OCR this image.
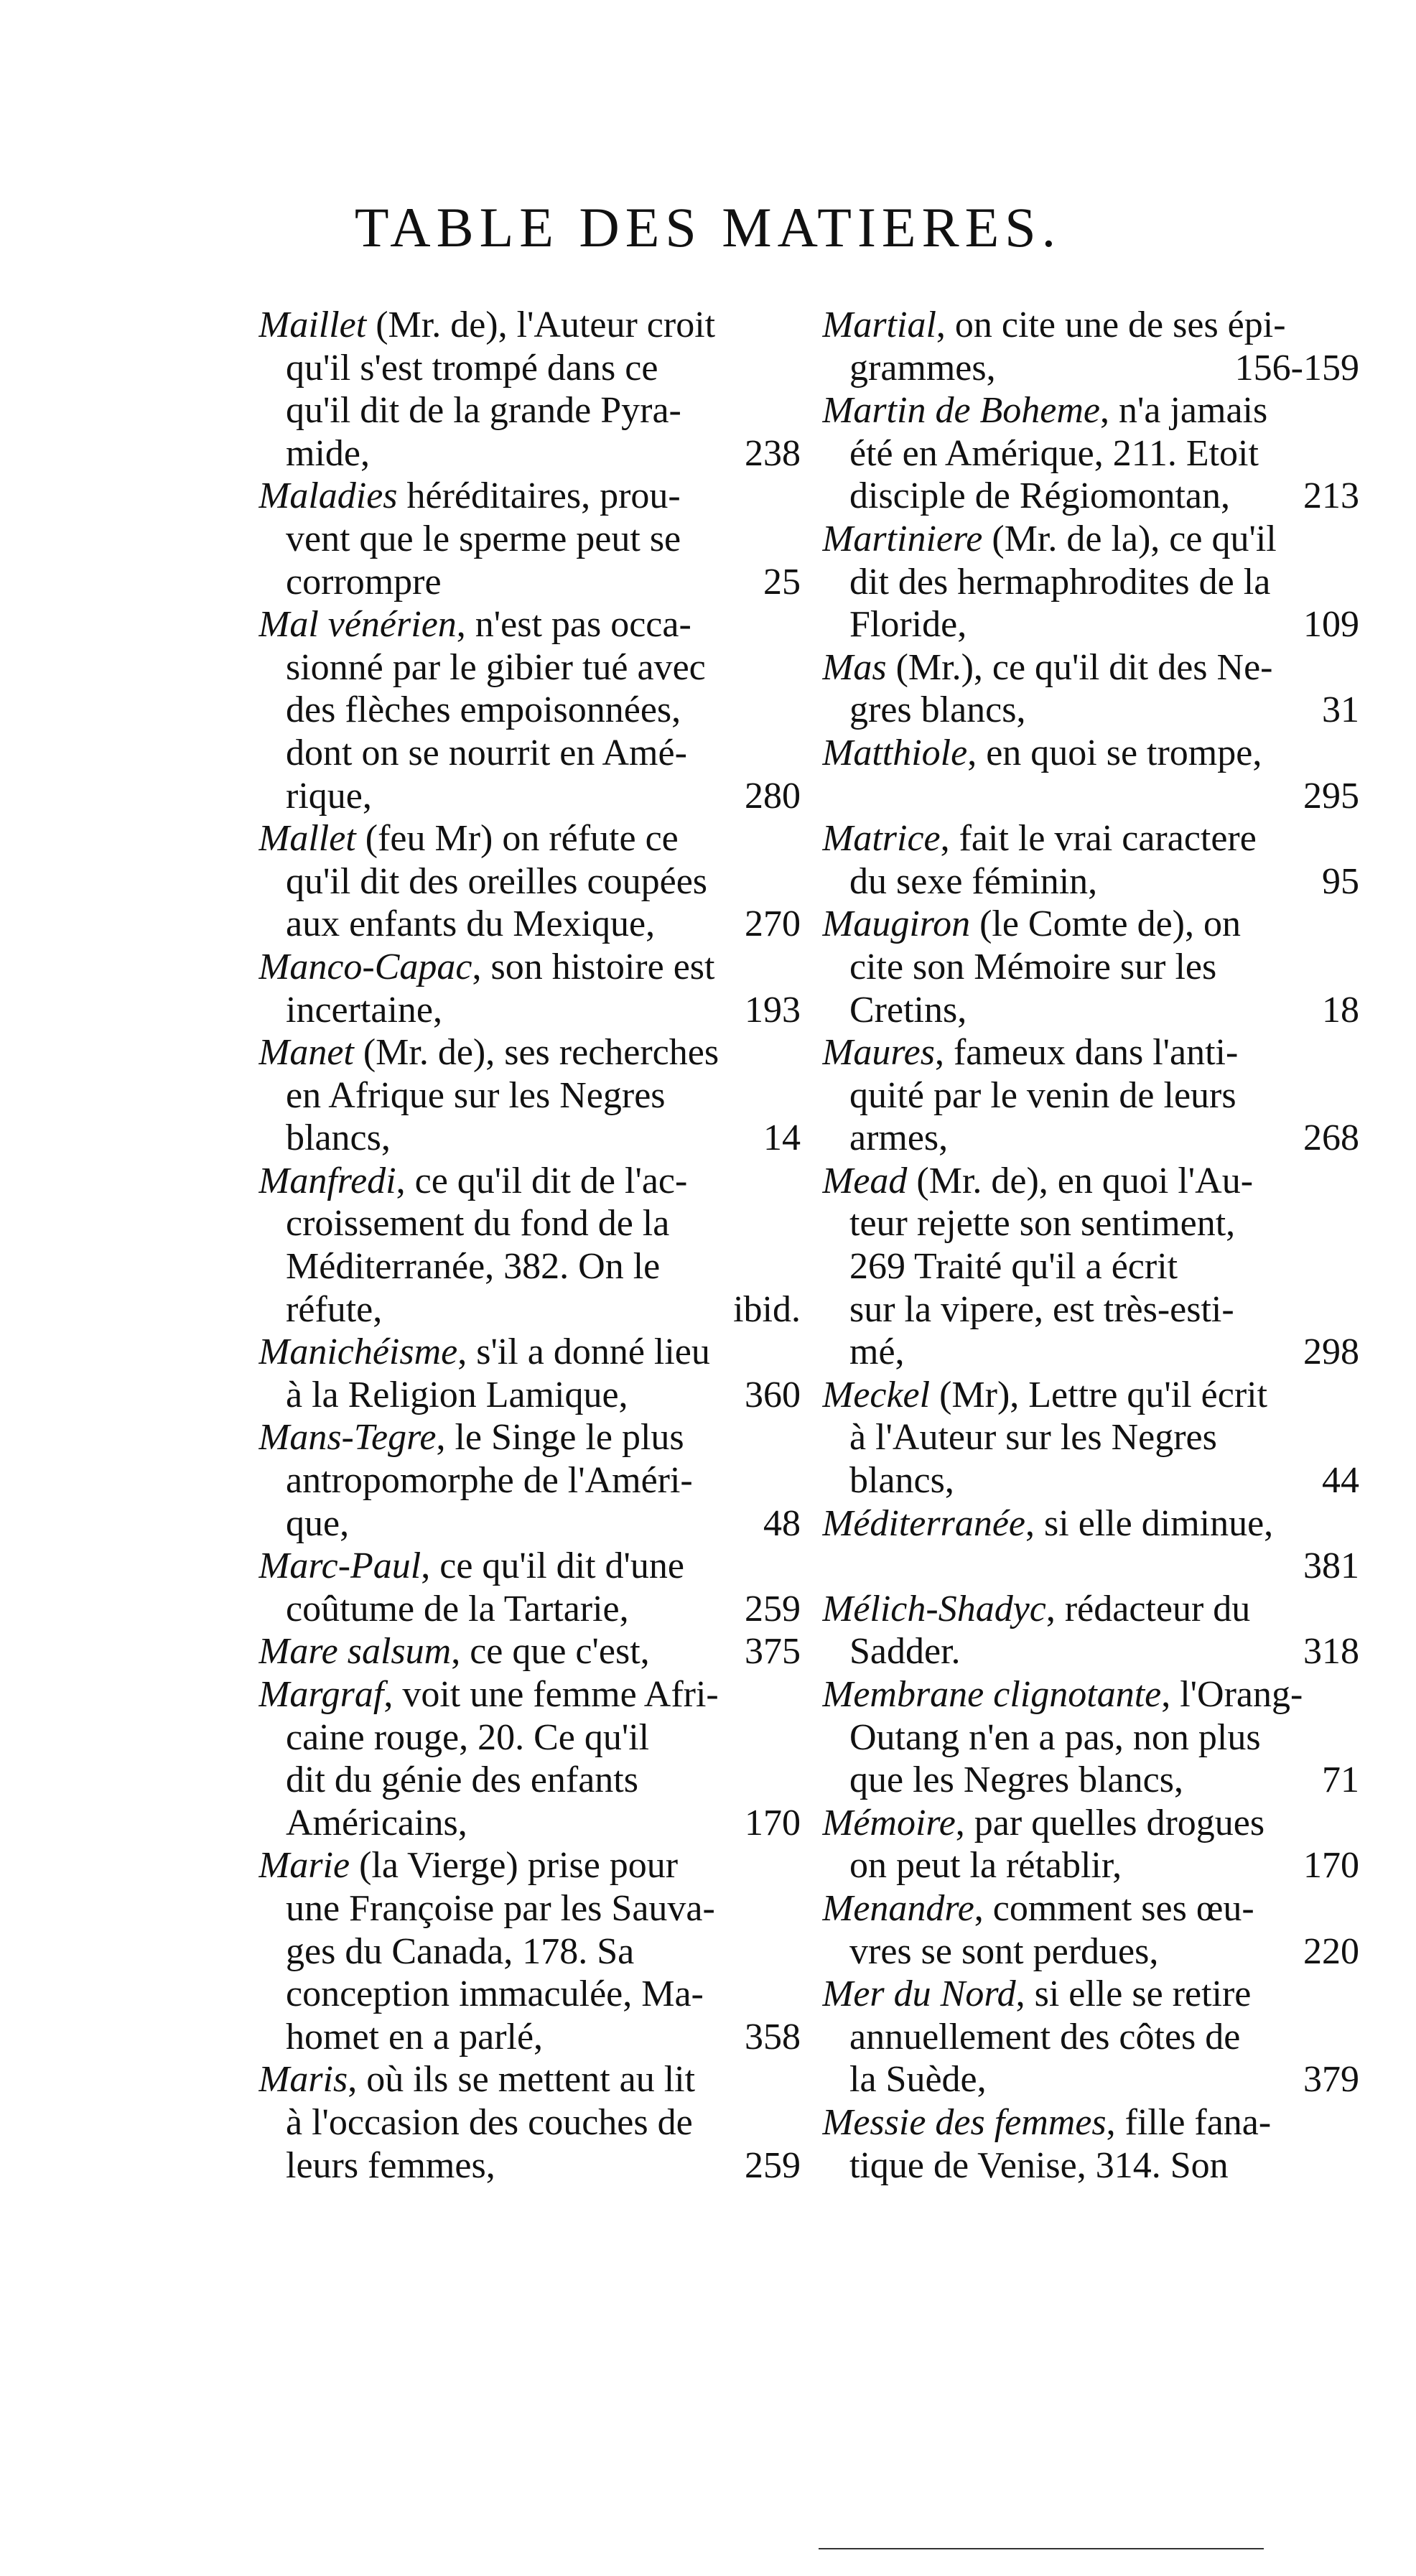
TABLE DES MATIERES.
Maillet (Mr. de), l'Auteur croit
qu'il s'est trompé dans ce
qu'il dit de la grande Pyra-
mide,	238
Maladies héréditaires, prou-
vent que le sperme peut se
corrompre	25
Mal vénérien, n'est pas occa-
sionné par le gibier tué avec
des flèches empoisonnées,
dont on se nourrit en Amé-
rique,	280
Mallet (feu Mr) on réfute ce
qu'il dit des oreilles coupées
aux enfants du Mexique, 270
Manco-Capac, son histoire est
incertaine,	193
Manet (Mr. de), ses recherches
en Afrique sur les Negres
blancs,	14
Manfredi, ce qu'il dit de l'ac-
croissement du fond de la
Méditerranée, 382. On le
réfute,	ibid.
Manichéisme, s'il a donné lieu
à la Religion Lamique,	360
Mans-Tegre, le Singe le plus
antropomorphe de l'Améri-
que,	48
Marc-Paul, ce qu'il dit d'une
coûtume de la Tartarie,	259
Mare salsum, ce que c'est,	375
Margraf, voit une femme Afri-
caine rouge, 20. Ce qu'il
dit du génie des enfants
Américains,	170
Marie (la Vierge) prise pour
une Françoise par les Sauva-
ges du Canada, 178. Sa
conception immaculée, Ma-
homet en a parlé,	358
Maris, où ils se mettent au lit
à l'occasion des couches de
leurs femmes,	259
Martial, on cite une de ses épi-
grammes,	156-159
Martin de Boheme, n'a jamais
été en Amérique, 211. Etoit
disciple de Régiomontan, 213
Martiniere (Mr. de la), ce qu'il
dit des hermaphrodites de la
Floride,	109
Mas (Mr.), ce qu'il dit des Ne-
gres blancs,	31
Matthiole, en quoi se trompe,
295
Matrice, fait le vrai caractere
du sexe féminin,	95
Maugiron (le Comte de), on
cite son Mémoire sur les
Cretins,	18
Maures, fameux dans l'anti-
quité par le venin de leurs
armes,	268
Mead (Mr. de), en quoi l'Au-
teur rejette son sentiment,
269 Traité qu'il a écrit
sur la vipere, est très-esti-
mé,	298
Meckel (Mr), Lettre qu'il écrit
à l'Auteur sur les Negres
blancs,	44
Méditerranée, si elle diminue,
381
Mélich-Shadyc, rédacteur du
Sadder.	318
Membrane clignotante, l'Orang-
Outang n'en a pas, non plus
que les Negres blancs,	71
Mémoire, par quelles drogues
on peut la rétablir,	170
Menandre, comment ses œu-
vres se sont perdues,	220
Mer du Nord, si elle se retire
annuellement des côtes de
la Suède,	379
Messie des femmes, fille fana-
tique de Venise, 314. Son
